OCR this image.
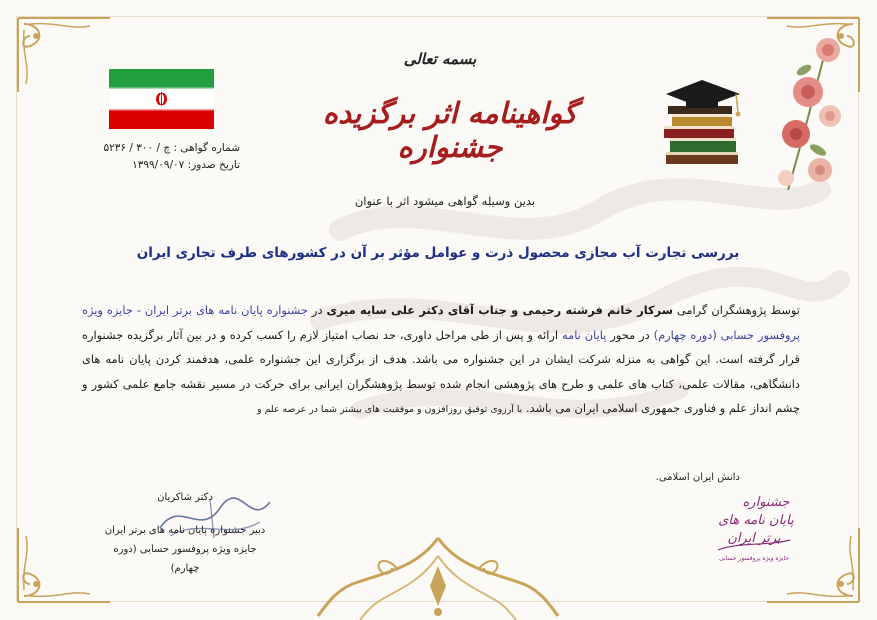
بسمه تعالی
گواهینامه اثر برگزیده جشنواره
شماره گواهی : چ / ۳۰۰ / ۵۲۳۶
تاریخ صدور: ۱۳۹۹/۰۹/۰۷
بدین وسیله گواهی میشود اثر با عنوان
بررسی تجارت آب مجازی محصول ذرت و عوامل مؤثر بر آن در کشورهای طرف تجاری ایران
توسط پژوهشگران گرامی سرکار خانم فرشته رحیمی و جناب آقای دکتر علی سایه میری در جشنواره پایان نامه های برتر ایران - جایزه ویژه پروفسور حسابی (دوره چهارم) در محور پایان نامه ارائه و پس از طی مراحل داوری، حد نصاب امتیاز لازم را کسب کرده و در بین آثار برگزیده جشنواره قرار گرفته است. این گواهی به منزله شرکت ایشان در این جشنواره می باشد. هدف از برگزاری این جشنواره علمی، هدفمند کردن پایان نامه های دانشگاهی، مقالات علمی، کتاب های علمی و طرح های پژوهشی انجام شده توسط پژوهشگران ایرانی برای حرکت در مسیر نقشه جامع علمی کشور و چشم انداز علم و فناوری جمهوری اسلامی ایران می باشد. با آرزوی توفیق روزافزون و موفقیت های بیشتر شما در عرصه علم و
دانش ایران اسلامی.
دکتر شاکریان
دبیر جشنواره پایان نامه های برتر ایران
جایزه ویژه پروفسور حسابی (دوره چهارم)
جشنواره
پایان نامه های
برتر ایران
جایزه ویژه پروفسور حسابی
